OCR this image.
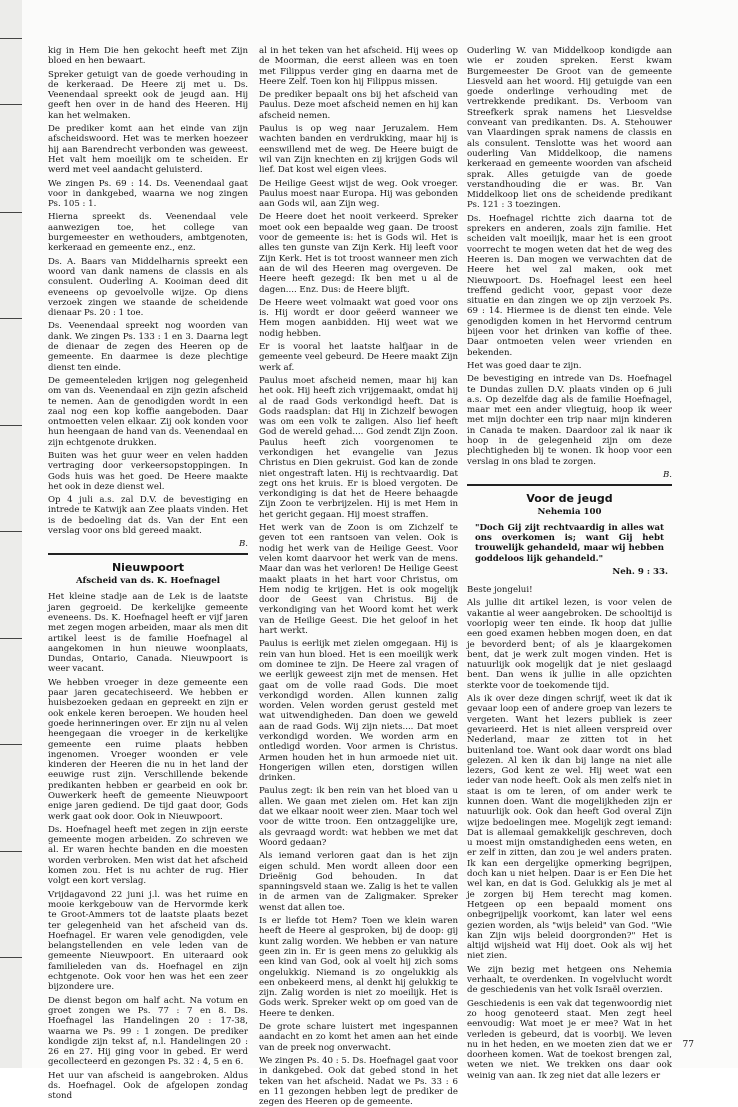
kig in Hem Die hen gekocht heeft met Zijn bloed en hen bewaart.

Spreker getuigt van de goede verhouding in de kerkeraad. De Heere zij met u. Ds. Veenendaal spreekt ook de jeugd aan. Hij geeft hen over in de hand des Heeren. Hij kan het welmaken.

De prediker komt aan het einde van zijn afscheidswoord. Het was te merken hoezeer hij aan Barendrecht verbonden was geweest. Het valt hem moeilijk om te scheiden. Er werd met veel aandacht geluisterd.

We zingen Ps. 69 : 14. Ds. Veenendaal gaat voor in dankgebed, waarna we nog zingen Ps. 105 : 1.

Hierna spreekt ds. Veenendaal vele aanwezigen toe, het college van burgemeester en wethouders, ambtgenoten, kerkeraad en gemeente enz., enz.

Ds. A. Baars van Middelharnis spreekt een woord van dank namens de classis en als consulent. Ouderling A. Kooiman deed dit eveneens op gevoelvolle wijze. Op diens verzoek zingen we staande de scheidende dienaar Ps. 20 : 1 toe.

Ds. Veenendaal spreekt nog woorden van dank. We zingen Ps. 133 : 1 en 3. Daarna legt de dienaar de zegen des Heeren op de gemeente. En daarmee is deze plechtige dienst ten einde.

De gemeenteleden krijgen nog gelegenheid om van ds. Veenendaal en zijn gezin afscheid te nemen. Aan de genodigden wordt in een zaal nog een kop koffie aangeboden. Daar ontmoetten velen elkaar. Zij ook konden voor hun heengaan de hand van ds. Veenendaal en zijn echtgenote drukken.

Buiten was het guur weer en velen hadden vertraging door verkeersopstoppingen. In Gods huis was het goed. De Heere maakte het ook in deze dienst wel.

Op 4 juli a.s. zal D.V. de bevestiging en intrede te Katwijk aan Zee plaats vinden. Het is de bedoeling dat ds. Van der Ent een verslag voor ons bld gereed maakt.

B.
Nieuwpoort
Afscheid van ds. K. Hoefnagel

Het kleine stadje aan de Lek is de laatste jaren gegroeid. De kerkelijke gemeente eveneens. Ds. K. Hoefnagel heeft er vijf jaren met zegen mogen arbeiden, maar als men dit artikel leest is de familie Hoefnagel al aangekomen in hun nieuwe woonplaats, Dundas, Ontario, Canada. Nieuwpoort is weer vacant.

We hebben vroeger in deze gemeente een paar jaren gecatechiseerd. We hebben er huisbezoeken gedaan en gepreekt en zijn er ook enkele keren beroepen. We houden heel goede herinneringen over. Er zijn nu al velen heengegaan die vroeger in de kerkelijke gemeente een ruime plaats hebben ingenomen. Vroeger woonden er vele kinderen der Heeren die nu in het land der eeuwige rust zijn. Verschillende bekende predikanten hebben er gearbeid en ook br. Ouwerkerk heeft de gemeente Nieuwpoort enige jaren gediend. De tijd gaat door, Gods werk gaat ook door. Ook in Nieuwpoort.

Ds. Hoefnagel heeft met zegen in zijn eerste gemeente mogen arbeiden. Zo schreven we al. Er waren hechte banden en die moesten worden verbroken. Men wist dat het afscheid komen zou. Het is nu achter de rug. Hier volgt een kort verslag.

Vrijdagavond 22 juni j.l. was het ruime en mooie kerkgebouw van de Hervormde kerk te Groot-Ammers tot de laatste plaats bezet ter gelegenheid van het afscheid van ds. Hoefnagel. Er waren vele genodigden, vele belangstellenden en vele leden van de gemeente Nieuwpoort. En uiteraard ook familieleden van ds. Hoefnagel en zijn echtgenote. Ook voor hen was het een zeer bijzondere ure.

De dienst begon om half acht. Na votum en groet zongen we Ps. 77 : 7 en 8. Ds. Hoefnagel las Handelingen 20 : 17-38, waarna we Ps. 99 : 1 zongen. De prediker kondigde zijn tekst af, n.l. Handelingen 20 : 26 en 27. Hij ging voor in gebed. Er werd gecollecteerd en gezongen Ps. 32 : 4, 5 en 6.

Het uur van afscheid is aangebroken. Aldus ds. Hoefnagel. Ook de afgelopen zondag stond

al in het teken van het afscheid. Hij wees op de Moorman, die eerst alleen was en toen met Filippus verder ging en daarna met de Heere Zelf. Toen kon hij Filippus missen.

De prediker bepaalt ons bij het afscheid van Paulus. Deze moet afscheid nemen en hij kan afscheid nemen.

Paulus is op weg naar Jeruzalem. Hem wachten banden en verdrukking, maar hij is eenswillend met de weg. De Heere buigt de wil van Zijn knechten en zij krijgen Gods wil lief. Dat kost wel eigen vlees.

De Heilige Geest wijst de weg. Ook vroeger. Paulus moest naar Europa. Hij was gebonden aan Gods wil, aan Zijn weg.

De Heere doet het nooit verkeerd. Spreker moet ook een bepaalde weg gaan. De troost voor de gemeente is: het is Gods wil. Het is alles ten gunste van Zijn Kerk. Hij leeft voor Zijn Kerk. Het is tot troost wanneer men zich aan de wil des Heeren mag overgeven. De Heere heeft gezegd: Ik ben met u al de dagen.... Enz. Dus: de Heere blijft.

De Heere weet volmaakt wat goed voor ons is. Hij wordt er door geëerd wanneer we Hem mogen aanbidden. Hij weet wat we nodig hebben.

Er is vooral het laatste halfjaar in de gemeente veel gebeurd. De Heere maakt Zijn werk af.

Paulus moet afscheid nemen, maar hij kan het ook. Hij heeft zich vrijgemaakt, omdat hij al de raad Gods verkondigd heeft. Dat is Gods raadsplan: dat Hij in Zichzelf bewogen was om een volk te zaligen. Also lief heeft God de wereld gehad.... God zendt Zijn Zoon. Paulus heeft zich voorgenomen te verkondigen het evangelie van Jezus Christus en Dien gekruist. God kan de zonde niet ongestraft laten. Hij is rechtvaardig. Dat zegt ons het kruis. Er is bloed vergoten. De verkondiging is dat het de Heere behaagde Zijn Zoon te verbrijzelen. Hij is met Hem in het gericht gegaan. Hij moest straffen.

Het werk van de Zoon is om Zichzelf te geven tot een rantsoen van velen. Ook is nodig het werk van de Heilige Geest. Voor velen komt daarvoor het werk van de mens. Maar dan was het verloren! De Heilige Geest maakt plaats in het hart voor Christus, om Hem nodig te krijgen. Het is ook mogelijk door de Geest van Christus. Bij de verkondiging van het Woord komt het werk van de Heilige Geest. Die het geloof in het hart werkt.

Paulus is eerlijk met zielen omgegaan. Hij is rein van hun bloed. Het is een moeilijk werk om dominee te zijn. De Heere zal vragen of we eerlijk geweest zijn met de mensen. Het gaat om de volle raad Gods. Die moet verkondigd worden. Allen kunnen zalig worden. Velen worden gerust gesteld met wat uitwendigheden. Dan doen we geweld aan de raad Gods. Wij zijn niets.... Dat moet verkondigd worden. We worden arm en ontledigd worden. Voor armen is Christus. Armen houden het in hun armoede niet uit. Hongerigen willen eten, dorstigen willen drinken.

Paulus zegt: ik ben rein van het bloed van u allen. We gaan met zielen om. Het kan zijn dat we elkaar nooit weer zien. Maar toch wel voor de witte troon. Een ontzaggelijke ure, als gevraagd wordt: wat hebben we met dat Woord gedaan?

Als iemand verloren gaat dan is het zijn eigen schuld. Men wordt alleen door een Drieënig God behouden. In dat spanningsveld staan we. Zalig is het te vallen in de armen van de Zaligmaker. Spreker wenst dat allen toe.

Is er liefde tot Hem? Toen we klein waren heeft de Heere al gesproken, bij de doop: gij kunt zalig worden. We hebben er van nature geen zin in. Er is geen mens zo gelukkig als een kind van God, ook al voelt hij zich soms ongelukkig. Niemand is zo ongelukkig als een onbekeerd mens, al denkt hij gelukkig te zijn. Zalig worden is niet zo moeilijk. Het is Gods werk. Spreker wekt op om goed van de Heere te denken.

De grote schare luistert met ingespannen aandacht en zo komt het amen aan het einde van de preek nog onverwacht.

We zingen Ps. 40 : 5. Ds. Hoefnagel gaat voor in dankgebed. Ook dat gebed stond in het teken van het afscheid. Nadat we Ps. 33 : 6 en 11 gezongen hebben legt de prediker de zegen des Heeren op de gemeente.

Ouderling W. van Middelkoop kondigde aan wie er zouden spreken. Eerst kwam Burgemeester De Groot van de gemeente Liesveld aan het woord. Hij getuigde van een goede onderlinge verhouding met de vertrekkende predikant. Ds. Verboom van Streefkerk sprak namens het Liesveldse conveant van predikanten. Ds. A. Stehouwer van Vlaardingen sprak namens de classis en als consulent. Tenslotte was het woord aan ouderling Van Middelkoop, die namens kerkeraad en gemeente woorden van afscheid sprak. Alles getuigde van de goede verstandhouding die er was. Br. Van Middelkoop liet ons de scheidende predikant Ps. 121 : 3 toezingen.

Ds. Hoefnagel richtte zich daarna tot de sprekers en anderen, zoals zijn familie. Het scheiden valt moeilijk, maar het is een groot voorrecht te mogen weten dat het de weg des Heeren is. Dan mogen we verwachten dat de Heere het wel zal maken, ook met Nieuwpoort. Ds. Hoefnagel leest een heel treffend gedicht voor, gepast voor deze situatie en dan zingen we op zijn verzoek Ps. 69 : 14. Hiermee is de dienst ten einde. Vele genodigden komen in het Hervormd centrum bijeen voor het drinken van koffie of thee. Daar ontmoeten velen weer vrienden en bekenden.

Het was goed daar te zijn.

De bevestiging en intrede van Ds. Hoefnagel te Dundas zullen D.V. plaats vinden op 6 juli a.s. Op dezelfde dag als de familie Hoefnagel, maar met een ander vliegtuig, hoop ik weer met mijn dochter een trip naar mijn kinderen in Canada te maken. Daardoor zal ik naar ik hoop in de gelegenheid zijn om deze plechtigheden bij te wonen. Ik hoop voor een verslag in ons blad te zorgen.

B.
Voor de jeugd
Nehemia 100
"Doch Gij zijt rechtvaardig in alles wat ons overkomen is; want Gij hebt trouwelijk gehandeld, maar wij hebben goddeloos lijk gehandeld."
Neh. 9 : 33.

Beste jongelui!

Als jullie dit artikel lezen, is voor velen de vakantie al weer aangebroken. De schooltijd is voorlopig weer ten einde. Ik hoop dat jullie een goed examen hebben mogen doen, en dat je bevorderd bent; of als je klaargekomen bent, dat je werk zult mogen vinden. Het is natuurlijk ook mogelijk dat je niet geslaagd bent. Dan wens ik jullie in alle opzichten sterkte voor de toekomende tijd.

Als ik over deze dingen schrijf, weet ik dat ik gevaar loop een of andere groep van lezers te vergeten. Want het lezers publiek is zeer gevarieerd. Het is niet alleen verspreid over Nederland, maar ze zitten tot in het buitenland toe. Want ook daar wordt ons blad gelezen. Al ken ik dan bij lange na niet alle lezers, God kent ze wel. Hij weet wat een ieder van node heeft. Ook als men zelfs niet in staat is om te leren, of om ander werk te kunnen doen. Want die mogelijkheden zijn er natuurlijk ook. Ook dan heeft God overal Zijn wijze bedoelingen mee. Mogelijk zegt iemand: Dat is allemaal gemakkelijk geschreven, doch u moest mijn omstandigheden eens weten, en er zelf in zitten, dan zou je wel anders praten. Ik kan een dergelijke opmerking begrijpen, doch kan u niet helpen. Daar is er Een Die het wel kan, en dat is God. Gelukkig als je met al je zorgen bij Hem terecht mag komen. Hetgeen op een bepaald moment ons onbegrijpelijk voorkomt, kan later wel eens gezien worden, als "wijs beleid" van God. "Wie kan Zijn wijs beleid doorgronden?" Het is altijd wijsheid wat Hij doet. Ook als wij het niet zien.

We zijn bezig met hetgeen ons Nehemia verhaalt, te overdenken. In vogelvlucht wordt de geschiedenis van het volk Israël overzien.

Geschiedenis is een vak dat tegenwoordig niet zo hoog genoteerd staat. Men zegt heel eenvoudig: Wat moet je er mee? Wat in het verleden is gebeurd, dat is voorbij. We leven nu in het heden, en we moeten zien dat we er doorheen komen. Wat de toekost brengen zal, weten we niet. We trekken ons daar ook weinig van aan. Ik zeg niet dat alle lezers er

77
